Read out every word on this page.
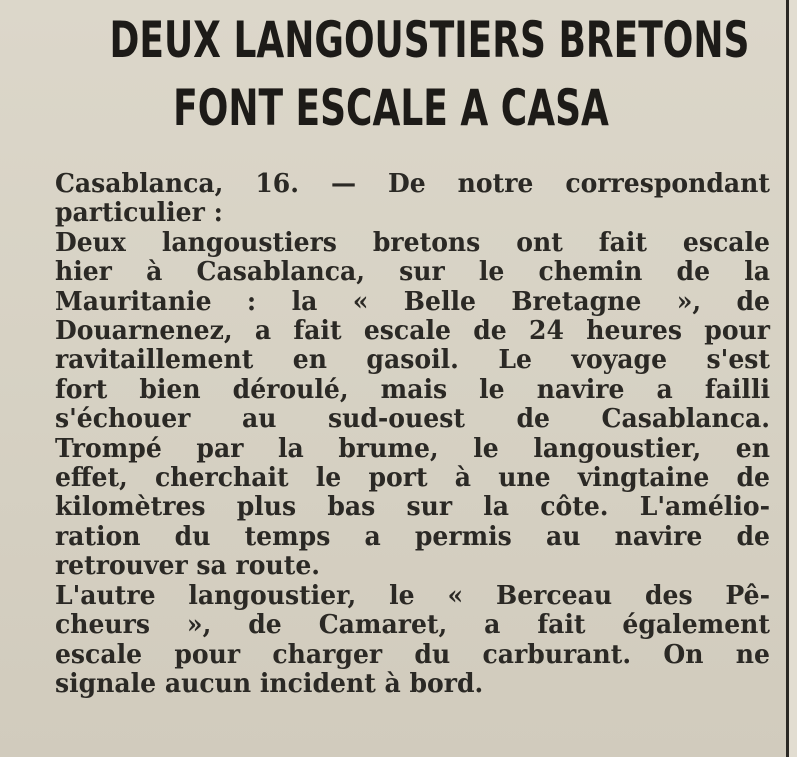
DEUX LANGOUSTIERS BRETONS
FONT ESCALE A CASA

Casablanca, 16. — De notre correspondant
particulier :

Deux langoustiers bretons ont fait escale
hier à Casablanca, sur le chemin de la
Mauritanie : la « Belle Bretagne », de
Douarnenez, a fait escale de 24 heures pour
ravitaillement en gasoil. Le voyage s'est
fort bien déroulé, mais le navire a failli
s'échouer au sud-ouest de Casablanca.
Trompé par la brume, le langoustier, en
effet, cherchait le port à une vingtaine de
kilomètres plus bas sur la côte. L'amélio-
ration du temps a permis au navire de
retrouver sa route.

L'autre langoustier, le « Berceau des Pê-
cheurs », de Camaret, a fait également
escale pour charger du carburant. On ne
signale aucun incident à bord.
